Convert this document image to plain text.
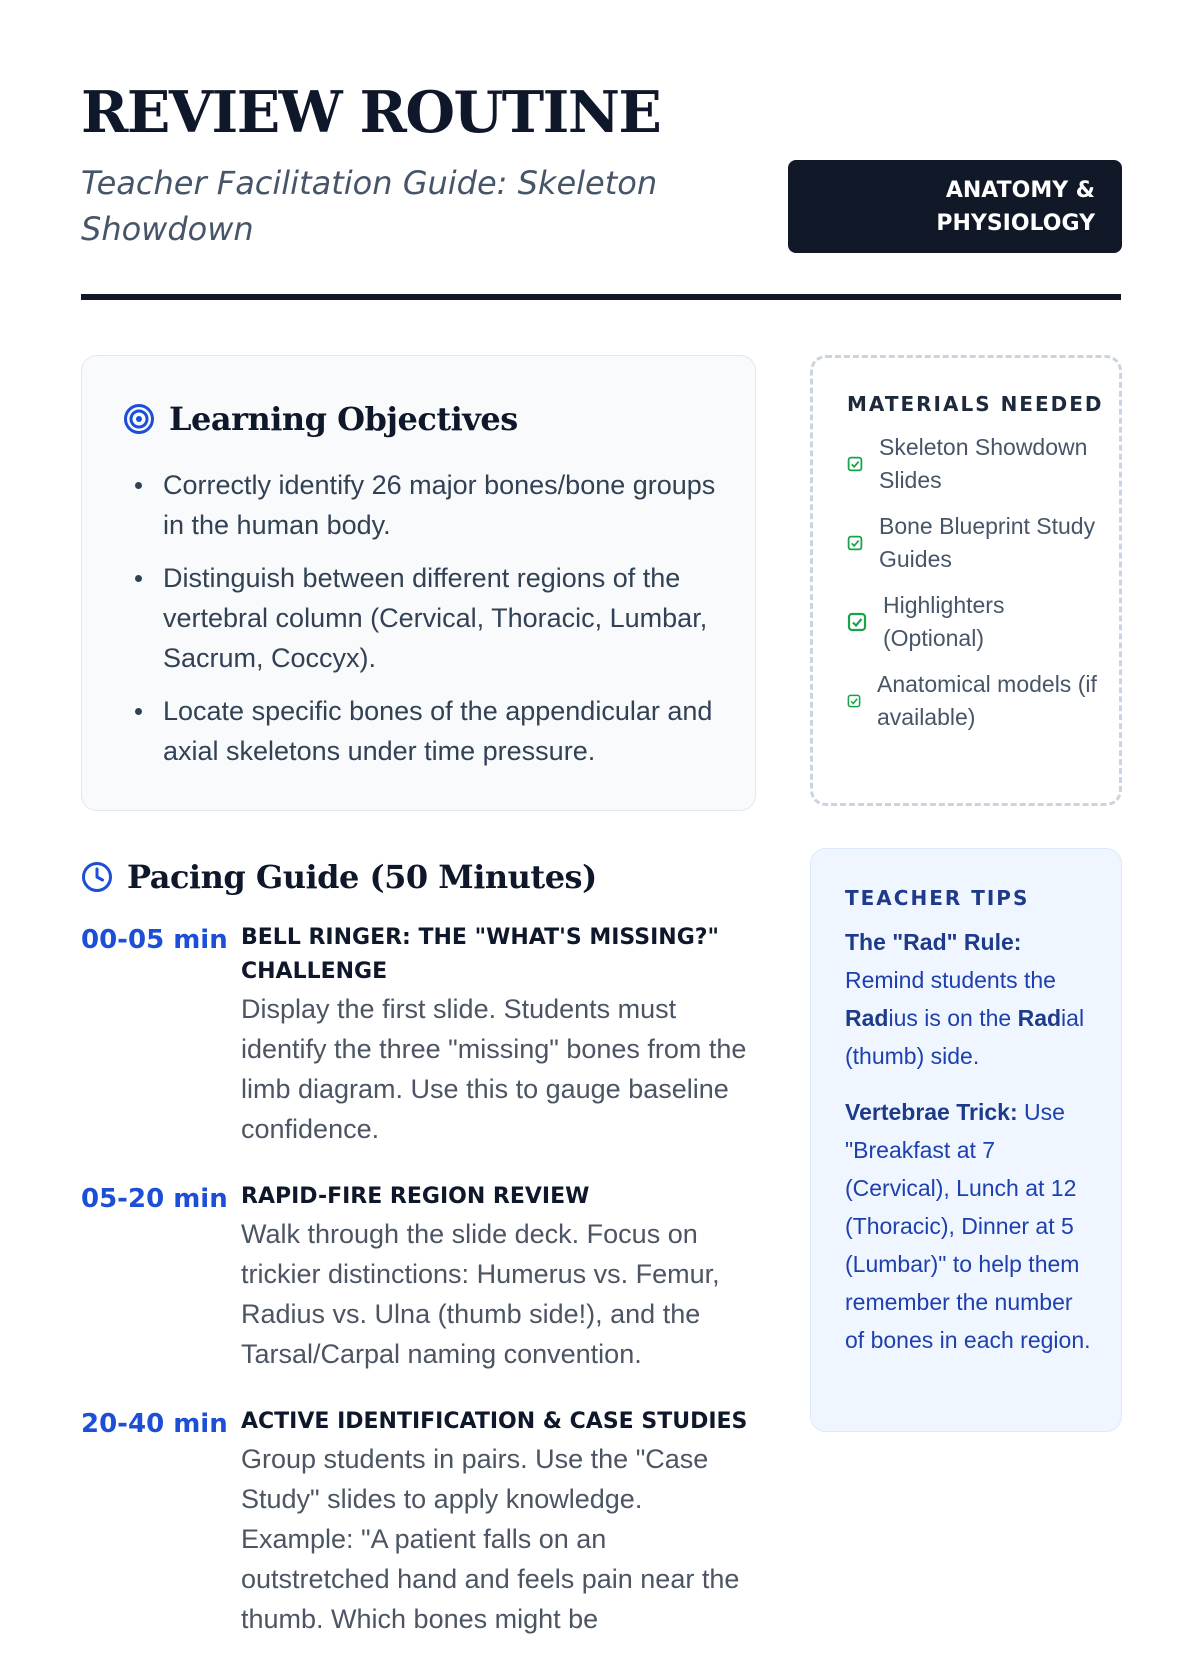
REVIEW ROUTINE

Teacher Facilitation Guide: Skeleton Showdown

ANATOMY & PHYSIOLOGY
Learning Objectives
Correctly identify 26 major bones/bone groups in the human body.
Distinguish between different regions of the vertebral column (Cervical, Thoracic, Lumbar, Sacrum, Coccyx).
Locate specific bones of the appendicular and axial skeletons under time pressure.

MATERIALS NEEDED

Skeleton Showdown Slides
Bone Blueprint Study Guides
Highlighters (Optional)
Anatomical models (if available)
Pacing Guide (50 Minutes)
00-05 min BELL RINGER: THE "WHAT'S MISSING?" CHALLENGE
Display the first slide. Students must identify the three "missing" bones from the limb diagram. Use this to gauge baseline confidence.
05-20 min RAPID-FIRE REGION REVIEW
Walk through the slide deck. Focus on trickier distinctions: Humerus vs. Femur, Radius vs. Ulna (thumb side!), and the Tarsal/Carpal naming convention.
20-40 min ACTIVE IDENTIFICATION & CASE STUDIES
Group students in pairs. Use the "Case Study" slides to apply knowledge. Example: "A patient falls on an outstretched hand and feels pain near the thumb. Which bones might be

TEACHER TIPS

The "Rad" Rule: Remind students the Radius is on the Radial (thumb) side.

Vertebrae Trick: Use "Breakfast at 7 (Cervical), Lunch at 12 (Thoracic), Dinner at 5 (Lumbar)" to help them remember the number of bones in each region.
